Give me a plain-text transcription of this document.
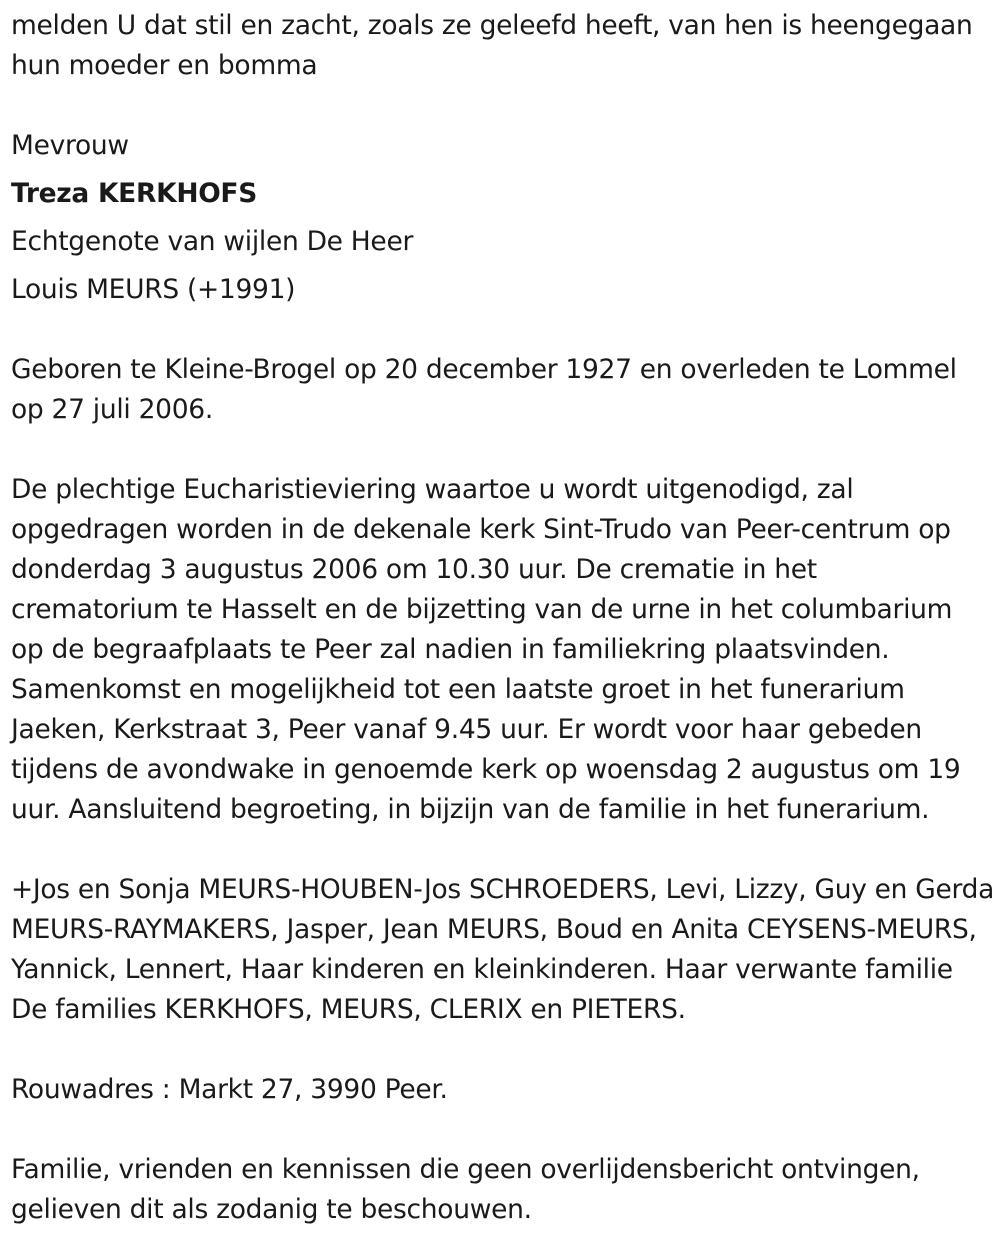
melden U dat stil en zacht, zoals ze geleefd heeft, van hen is heengegaan
hun moeder en bomma

Mevrouw
Treza KERKHOFS
Echtgenote van wijlen De Heer
Louis MEURS (+1991)

Geboren te Kleine-Brogel op 20 december 1927 en overleden te Lommel
op 27 juli 2006.

De plechtige Eucharistieviering waartoe u wordt uitgenodigd, zal
opgedragen worden in de dekenale kerk Sint-Trudo van Peer-centrum op
donderdag 3 augustus 2006 om 10.30 uur. De crematie in het
crematorium te Hasselt en de bijzetting van de urne in het columbarium
op de begraafplaats te Peer zal nadien in familiekring plaatsvinden.
Samenkomst en mogelijkheid tot een laatste groet in het funerarium
Jaeken, Kerkstraat 3, Peer vanaf 9.45 uur. Er wordt voor haar gebeden
tijdens de avondwake in genoemde kerk op woensdag 2 augustus om 19
uur. Aansluitend begroeting, in bijzijn van de familie in het funerarium.

+Jos en Sonja MEURS-HOUBEN-Jos SCHROEDERS, Levi, Lizzy, Guy en Gerda
MEURS-RAYMAKERS, Jasper, Jean MEURS, Boud en Anita CEYSENS-MEURS,
Yannick, Lennert, Haar kinderen en kleinkinderen. Haar verwante familie
De families KERKHOFS, MEURS, CLERIX en PIETERS.

Rouwadres : Markt 27, 3990 Peer.

Familie, vrienden en kennissen die geen overlijdensbericht ontvingen,
gelieven dit als zodanig te beschouwen.
